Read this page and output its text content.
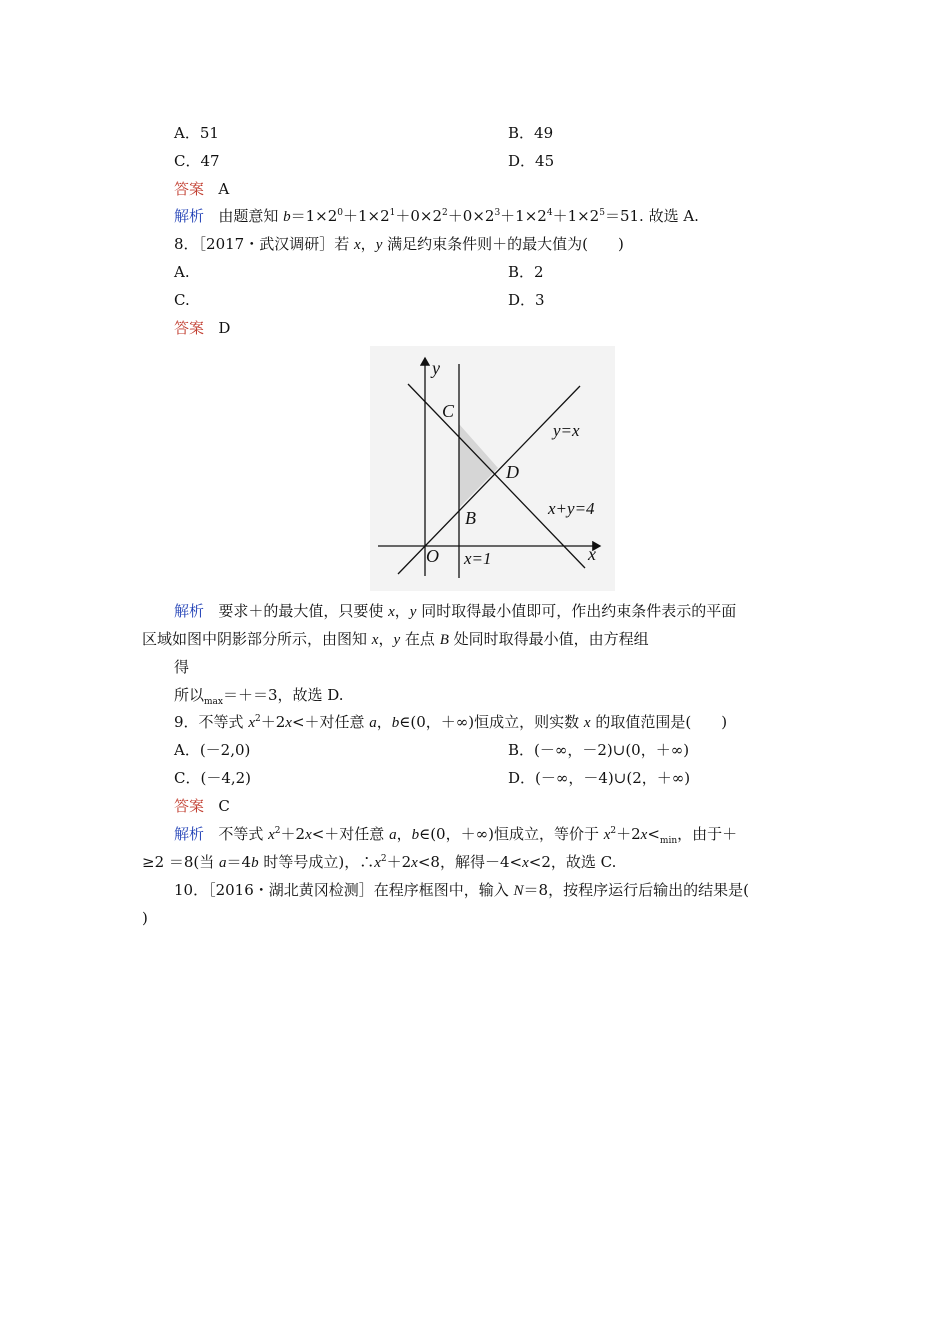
A．51	B．49
C．47	D．45
答案 A
解析 由题意知 $b=1\times 2^0+1\times 2^1+0\times 2^2+0\times 2^3+1\times 2^4+1\times 2^5=51$. 故选 A.
8．［2017・武汉调研］若 x，y 满足约束条件则＋的最大值为(　　)
A.	B．2
C.	D．3
答案 D
y
x
C
D
B
O
y=x
x+y=4
x=1
解析 要求＋的最大值，只要使 x，y 同时取得最小值即可，作出约束条件表示的平面
区域如图中阴影部分所示，由图知 x，y 在点 B 处同时取得最小值，由方程组
得
所以$_{max}$＝＋＝3，故选 D.
9．不等式 $x^2+2x<+$对任意 a，b∈(0，＋∞)恒成立，则实数 x 的取值范围是(　　)
A．(－2,0)	B．(－∞，－2)∪(0，＋∞)
C．(－4,2)	D．(－∞，－4)∪(2，＋∞)
答案 C
解析 不等式 $x^2+2x<+$对任意 a，b∈(0，＋∞)恒成立，等价于 $x^2+2x<_{min}$，由于＋
≥2 ＝8(当 a＝4b 时等号成立)，$\therefore x^2+2x<8$，解得－4<x<2，故选 C.
10．［2016・湖北黄冈检测］在程序框图中，输入 N＝8，按程序运行后输出的结果是(
)
